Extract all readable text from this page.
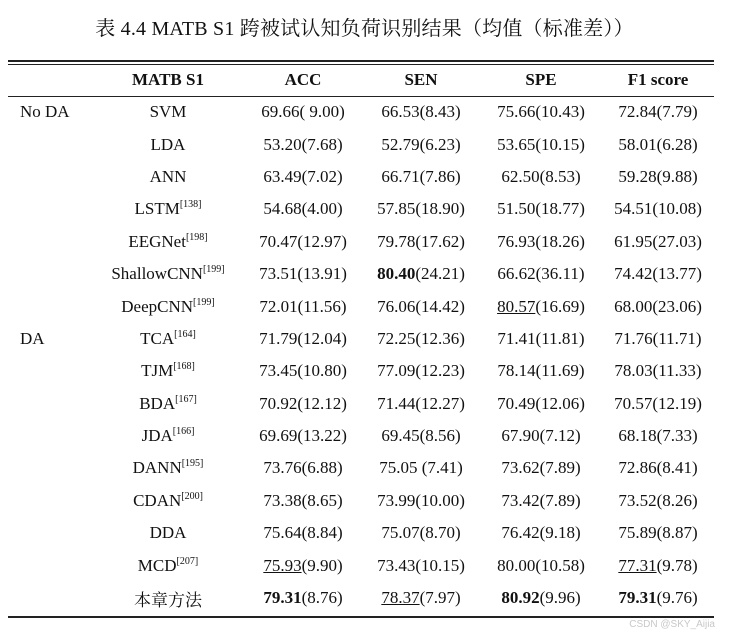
表 4.4 MATB S1 跨被试认知负荷识别结果（均值（标准差））
	MATB S1	ACC	SEN	SPE	F1 score
No DA	SVM	69.66( 9.00)	66.53(8.43)	75.66(10.43)	72.84(7.79)
	LDA	53.20(7.68)	52.79(6.23)	53.65(10.15)	58.01(6.28)
	ANN	63.49(7.02)	66.71(7.86)	62.50(8.53)	59.28(9.88)
	LSTM[138]	54.68(4.00)	57.85(18.90)	51.50(18.77)	54.51(10.08)
	EEGNet[198]	70.47(12.97)	79.78(17.62)	76.93(18.26)	61.95(27.03)
	ShallowCNN[199]	73.51(13.91)	80.40(24.21)	66.62(36.11)	74.42(13.77)
	DeepCNN[199]	72.01(11.56)	76.06(14.42)	80.57(16.69)	68.00(23.06)
DA	TCA[164]	71.79(12.04)	72.25(12.36)	71.41(11.81)	71.76(11.71)
	TJM[168]	73.45(10.80)	77.09(12.23)	78.14(11.69)	78.03(11.33)
	BDA[167]	70.92(12.12)	71.44(12.27)	70.49(12.06)	70.57(12.19)
	JDA[166]	69.69(13.22)	69.45(8.56)	67.90(7.12)	68.18(7.33)
	DANN[195]	73.76(6.88)	75.05 (7.41)	73.62(7.89)	72.86(8.41)
	CDAN[200]	73.38(8.65)	73.99(10.00)	73.42(7.89)	73.52(8.26)
	DDA	75.64(8.84)	75.07(8.70)	76.42(9.18)	75.89(8.87)
	MCD[207]	75.93(9.90)	73.43(10.15)	80.00(10.58)	77.31(9.78)
	本章方法	79.31(8.76)	78.37(7.97)	80.92(9.96)	79.31(9.76)
CSDN @SKY_Aijia
